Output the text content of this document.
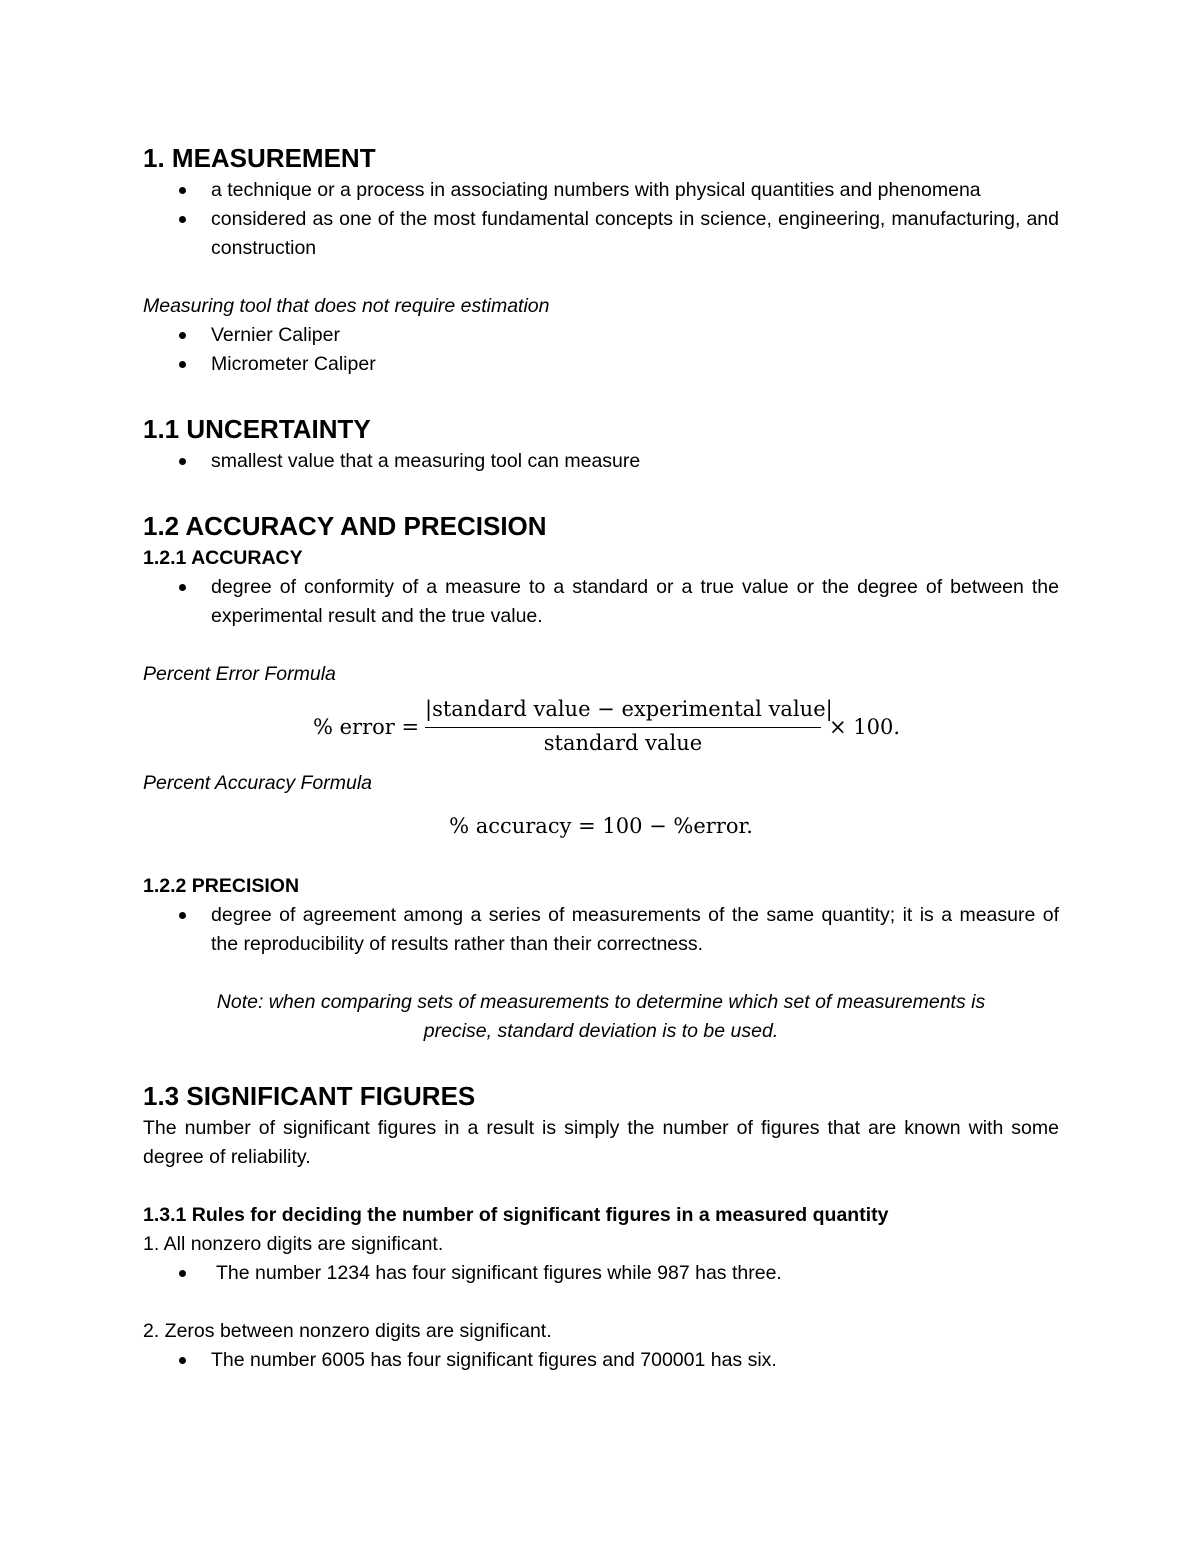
1. MEASUREMENT
a technique or a process in associating numbers with physical quantities and phenomena
considered as one of the most fundamental concepts in science, engineering, manufacturing, and construction

Measuring tool that does not require estimation

Vernier Caliper
Micrometer Caliper
1.1 UNCERTAINTY
smallest value that a measuring tool can measure
1.2 ACCURACY AND PRECISION
1.2.1 ACCURACY
degree of conformity of a measure to a standard or a true value or the degree of between the experimental result and the true value.

Percent Error Formula

% error =
|standard value − experimental value|
standard value
× 100.

Percent Accuracy Formula

% accuracy = 100 − %error.
1.2.2 PRECISION
degree of agreement among a series of measurements of the same quantity; it is a measure of the reproducibility of results rather than their correctness.

Note: when comparing sets of measurements to determine which set of measurements is

precise, standard deviation is to be used.

1.3 SIGNIFICANT FIGURES

The number of significant figures in a result is simply the number of figures that are known with some degree of reliability.

1.3.1 Rules for deciding the number of significant figures in a measured quantity

1. All nonzero digits are significant.

The number 1234 has four significant figures while 987 has three.

2. Zeros between nonzero digits are significant.

The number 6005 has four significant figures and 700001 has six.
